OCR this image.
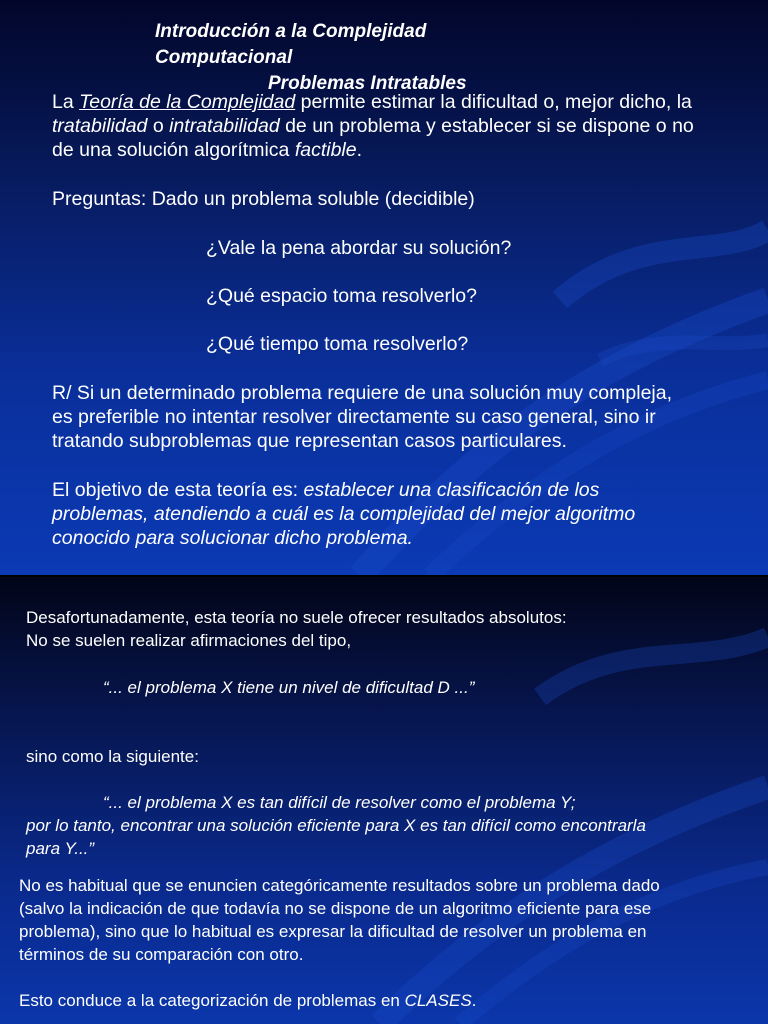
Introducción a la Complejidad

Computacional

Problemas Intratables

La Teoría de la Complejidad permite estimar la dificultad o, mejor dicho, la

tratabilidad o intratabilidad de un problema y establecer si se dispone o no

de una solución algorítmica factible.

Preguntas: Dado un problema soluble (decidible)

¿Vale la pena abordar su solución?

¿Qué espacio toma resolverlo?

¿Qué tiempo toma resolverlo?

R/ Si un determinado problema requiere de una solución muy compleja,

es preferible no intentar resolver directamente su caso general, sino ir

tratando subproblemas que representan casos particulares.

El objetivo de esta teoría es: establecer una clasificación de los

problemas, atendiendo a cuál es la complejidad del mejor algoritmo

conocido para solucionar dicho problema.

Desafortunadamente, esta teoría no suele ofrecer resultados absolutos:

No se suelen realizar afirmaciones del tipo,

“... el problema X tiene un nivel de dificultad D ...”

sino como la siguiente:

“... el problema X es tan difícil de resolver como el problema Y;

por lo tanto, encontrar una solución eficiente para X es tan difícil como encontrarla

para Y...”

No es habitual que se enuncien categóricamente resultados sobre un problema dado

(salvo la indicación de que todavía no se dispone de un algoritmo eficiente para ese

problema), sino que lo habitual es expresar la dificultad de resolver un problema en

términos de su comparación con otro.

Esto conduce a la categorización de problemas en CLASES.
